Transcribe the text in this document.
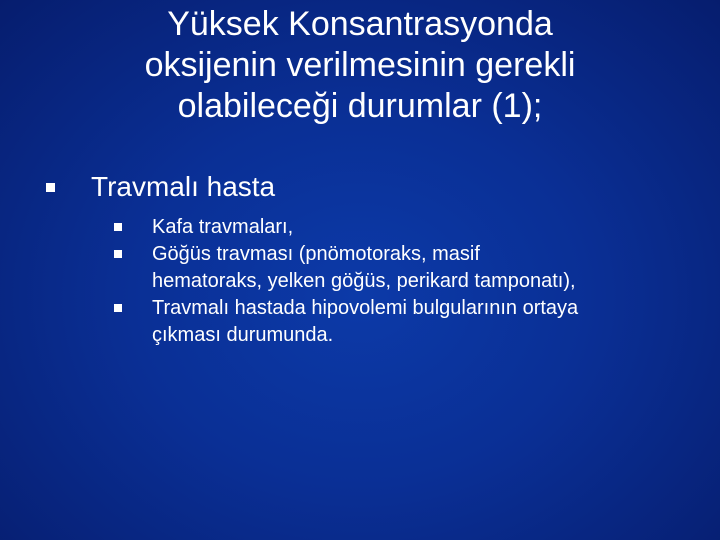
Yüksek Konsantrasyonda
oksijenin verilmesinin gerekli
olabileceği durumlar (1);
Travmalı hasta
Kafa travmaları,
Göğüs travması (pnömotoraks, masif
hematoraks, yelken göğüs, perikard tamponatı),
Travmalı hastada hipovolemi bulgularının ortaya
çıkması durumunda.
